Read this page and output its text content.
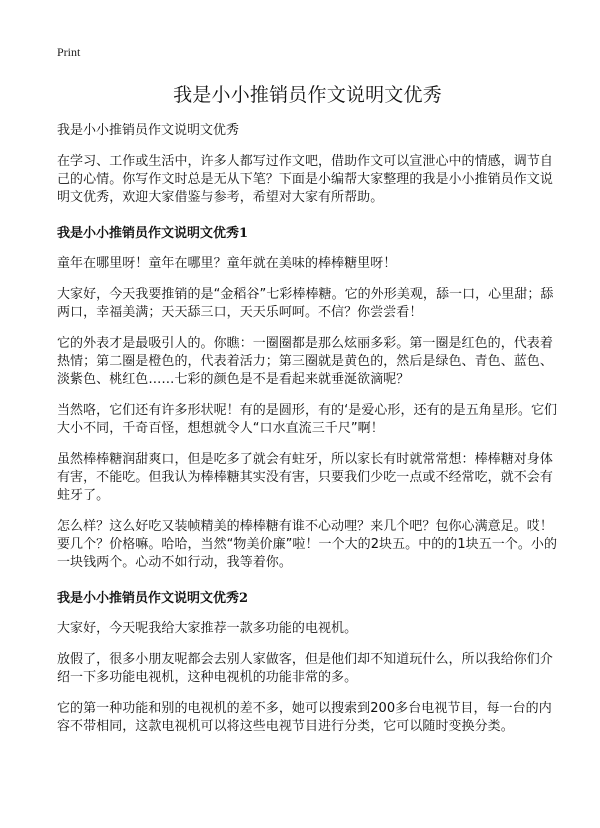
Print
我是小小推销员作文说明文优秀

我是小小推销员作文说明文优秀

在学习、工作或生活中，许多人都写过作文吧，借助作文可以宣泄心中的情感，调节自己的心情。你写作文时总是无从下笔？下面是小编帮大家整理的我是小小推销员作文说明文优秀，欢迎大家借鉴与参考，希望对大家有所帮助。

我是小小推销员作文说明文优秀1

童年在哪里呀！童年在哪里？童年就在美味的棒棒糖里呀！

大家好，今天我要推销的是“金稻谷”七彩棒棒糖。它的外形美观，舔一口，心里甜；舔两口，幸福美满；天天舔三口，天天乐呵呵。不信？你尝尝看！

它的外表才是最吸引人的。你瞧：一圈圈都是那么炫丽多彩。第一圈是红色的，代表着热情；第二圈是橙色的，代表着活力；第三圈就是黄色的，然后是绿色、青色、蓝色、淡紫色、桃红色……七彩的颜色是不是看起来就垂涎欲滴呢？

当然咯，它们还有许多形状呢！有的是圆形，有的‘是爱心形，还有的是五角星形。它们大小不同，千奇百怪，想想就令人“口水直流三千尺”啊！

虽然棒棒糖润甜爽口，但是吃多了就会有蛀牙，所以家长有时就常常想：棒棒糖对身体有害，不能吃。但我认为棒棒糖其实没有害，只要我们少吃一点或不经常吃，就不会有蛀牙了。

怎么样？这么好吃又装帧精美的棒棒糖有谁不心动哩？来几个吧？包你心满意足。哎！要几个？价格嘛。哈哈，当然“物美价廉”啦！一个大的2块五。中的的1块五一个。小的一块钱两个。心动不如行动，我等着你。

我是小小推销员作文说明文优秀2

大家好，今天呢我给大家推荐一款多功能的电视机。

放假了，很多小朋友呢都会去别人家做客，但是他们却不知道玩什么，所以我给你们介绍一下多功能电视机，这种电视机的功能非常的多。

它的第一种功能和别的电视机的差不多，她可以搜索到200多台电视节目，每一台的内容不带相同，这款电视机可以将这些电视节目进行分类，它可以随时变换分类。
